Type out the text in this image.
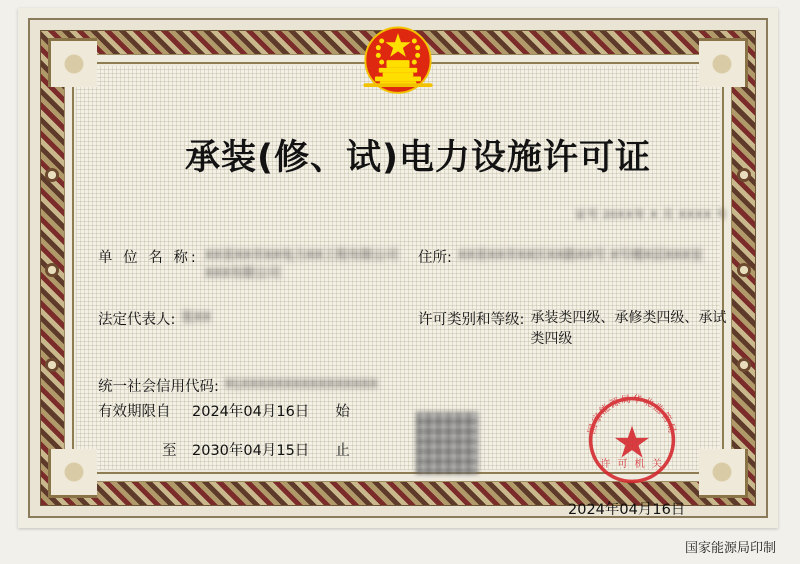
承装(修、试)电力设施许可证
证号 20XX年 X 月 XXXX 号
单 位 名 称: XX省XX市XX电力XX工程有限公司 XXX有限公司
住所: XX省XX市XX区XX路XX号 X号楼X层XXX室
法定代表人: 张XX	许可类别和等级: 承装类四级、承修类四级、承试类四级
统一社会信用代码: 91XXXXXXXXXXXXXXXX
有效期限自	2024年04月16日 始
至	2030年04月15日 止
国家能源局华北监管局
许 可 机 关
2024年04月16日
国家能源局印制
